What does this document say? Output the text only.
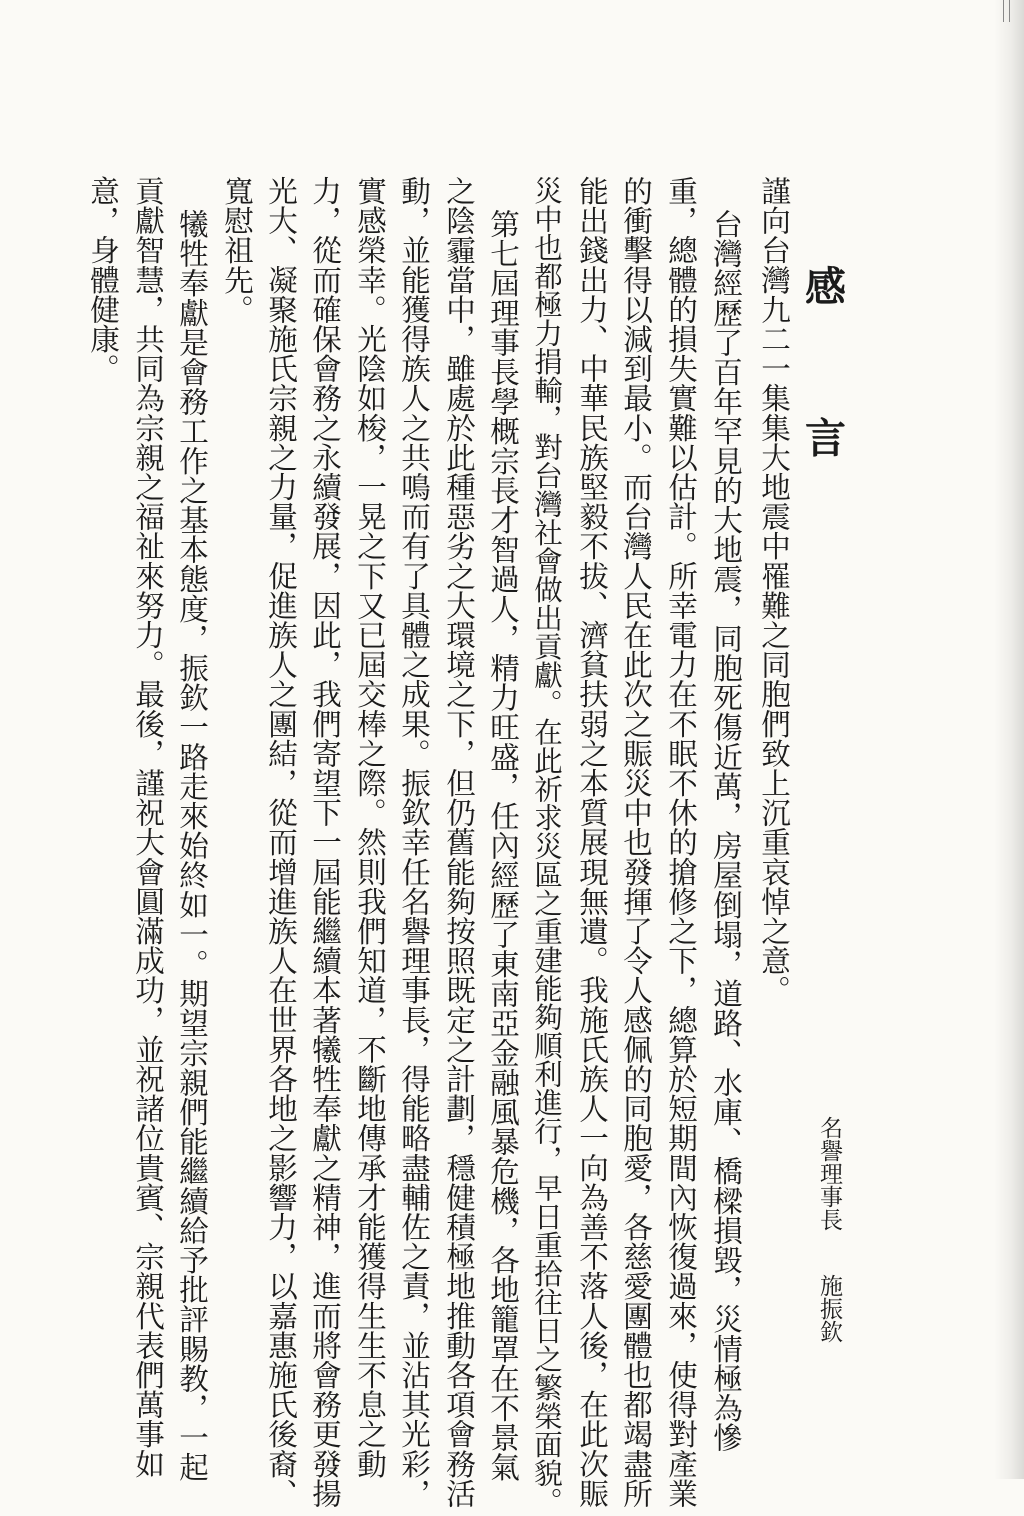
感 言
名譽理事長施振欽

謹向台灣九二一集集大地震中罹難之同胞們致上沉重哀悼之意。

台灣經歷了百年罕見的大地震，同胞死傷近萬，房屋倒塌，道路、水庫、橋樑損毀，災情極為慘

重，總體的損失實難以估計。所幸電力在不眠不休的搶修之下，總算於短期間內恢復過來，使得對產業

的衝擊得以減到最小。而台灣人民在此次之賑災中也發揮了令人感佩的同胞愛，各慈愛團體也都竭盡所

能出錢出力、中華民族堅毅不拔、濟貧扶弱之本質展現無遺。我施氏族人一向為善不落人後，在此次賑

災中也都極力捐輸，對台灣社會做出貢獻。在此祈求災區之重建能夠順利進行，早日重拾往日之繁榮面貌。

第七屆理事長學概宗長才智過人，精力旺盛，任內經歷了東南亞金融風暴危機，各地籠罩在不景氣

之陰霾當中，雖處於此種惡劣之大環境之下，但仍舊能夠按照既定之計劃，穩健積極地推動各項會務活

動，並能獲得族人之共鳴而有了具體之成果。振欽幸任名譽理事長，得能略盡輔佐之責，並沾其光彩，

實感榮幸。光陰如梭，一晃之下又已屆交棒之際。然則我們知道，不斷地傳承才能獲得生生不息之動

力，從而確保會務之永續發展，因此，我們寄望下一屆能繼續本著犧牲奉獻之精神，進而將會務更發揚

光大、凝聚施氏宗親之力量，促進族人之團結，從而增進族人在世界各地之影響力，以嘉惠施氏後裔、

寬慰祖先。

犧牲奉獻是會務工作之基本態度，振欽一路走來始終如一。期望宗親們能繼續給予批評賜教，一起

貢獻智慧，共同為宗親之福祉來努力。最後，謹祝大會圓滿成功，並祝諸位貴賓、宗親代表們萬事如

意，身體健康。
